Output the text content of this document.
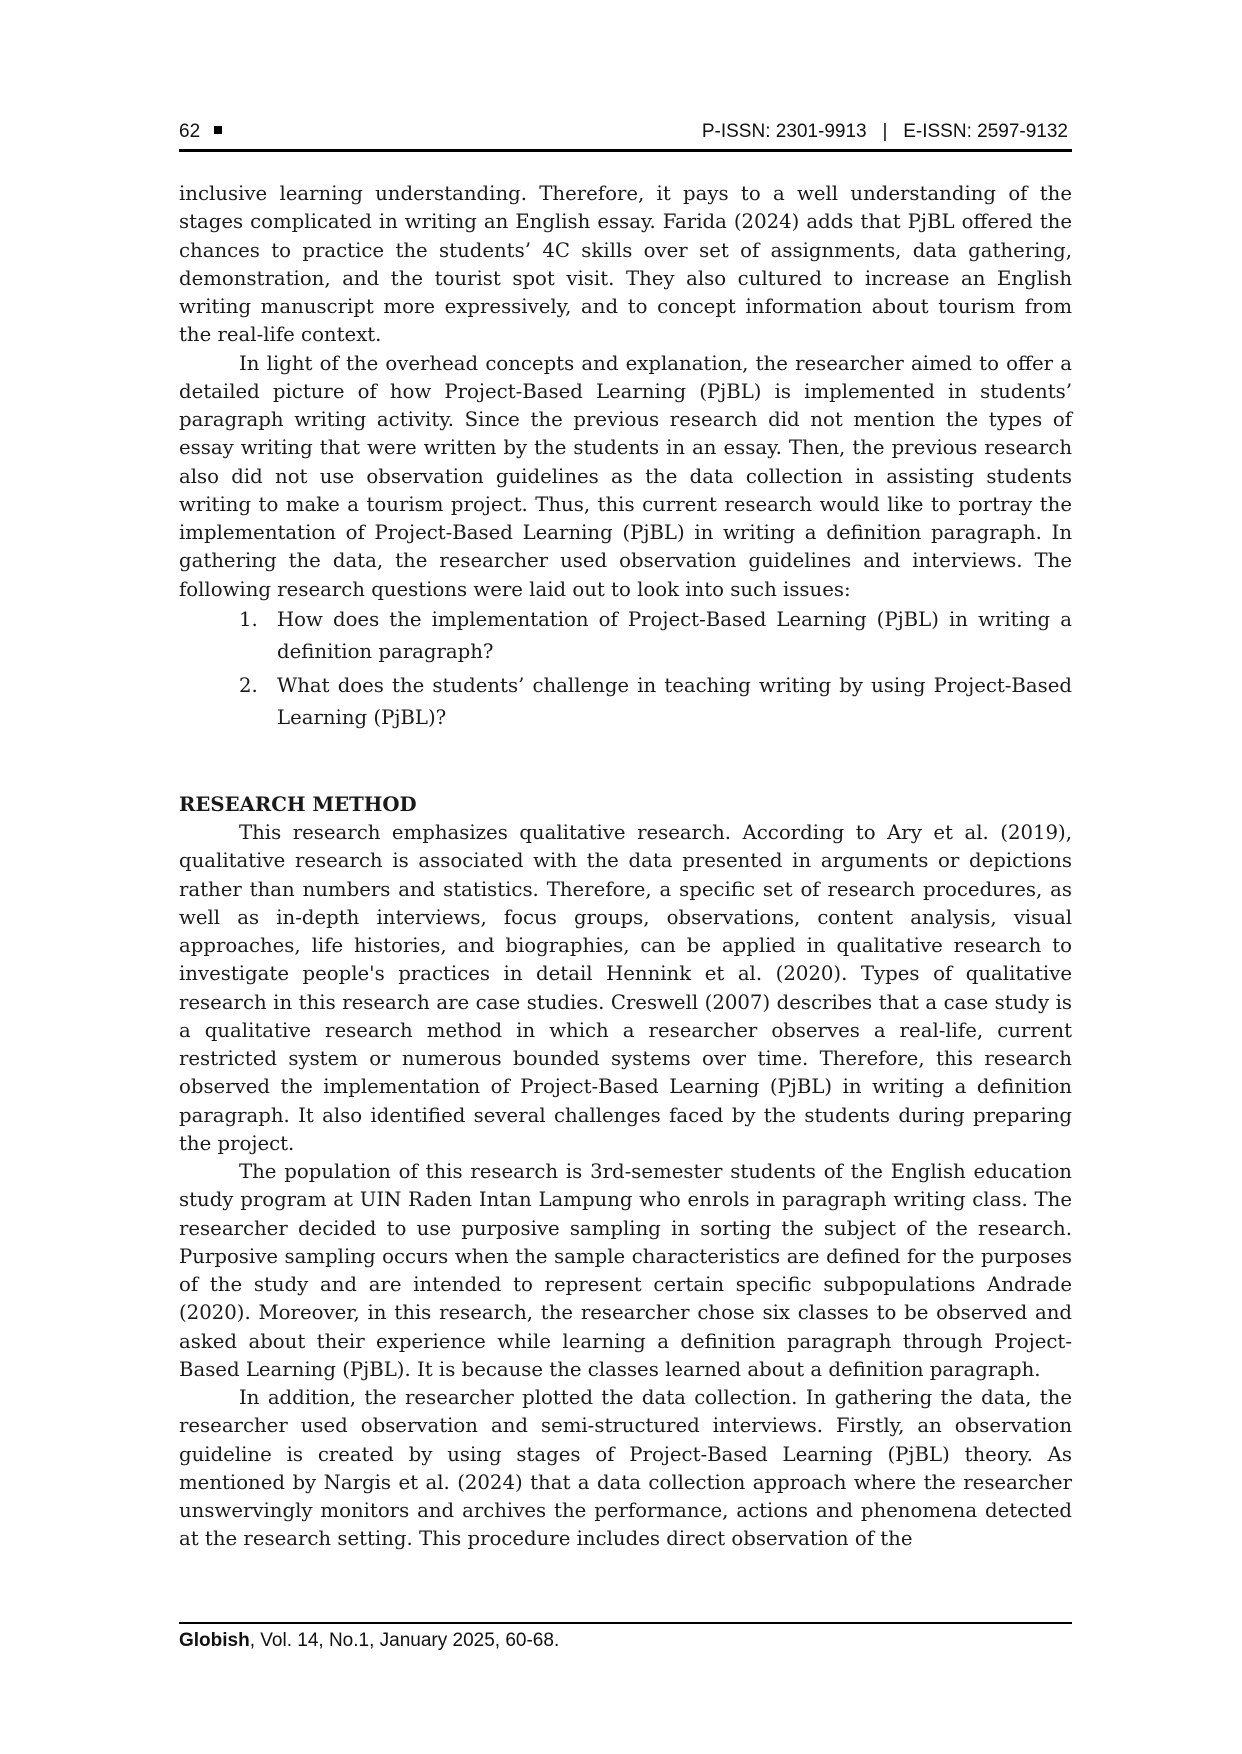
62	P-ISSN: 2301-9913   |   E-ISSN: 2597-9132

inclusive learning understanding. Therefore, it pays to a well understanding of the stages complicated in writing an English essay. Farida (2024) adds that PjBL offered the chances to practice the students’ 4C skills over set of assignments, data gathering, demonstration, and the tourist spot visit. They also cultured to increase an English writing manuscript more expressively, and to concept information about tourism from the real-life context.

In light of the overhead concepts and explanation, the researcher aimed to offer a detailed picture of how Project-Based Learning (PjBL) is implemented in students’ paragraph writing activity. Since the previous research did not mention the types of essay writing that were written by the students in an essay. Then, the previous research also did not use observation guidelines as the data collection in assisting students writing to make a tourism project. Thus, this current research would like to portray the implementation of Project-Based Learning (PjBL) in writing a definition paragraph. In gathering the data, the researcher used observation guidelines and interviews. The following research questions were laid out to look into such issues:

1. How does the implementation of Project-Based Learning (PjBL) in writing a definition paragraph?
2. What does the students’ challenge in teaching writing by using Project-Based Learning (PjBL)?
RESEARCH METHOD

This research emphasizes qualitative research. According to Ary et al. (2019), qualitative research is associated with the data presented in arguments or depictions rather than numbers and statistics. Therefore, a specific set of research procedures, as well as in-depth interviews, focus groups, observations, content analysis, visual approaches, life histories, and biographies, can be applied in qualitative research to investigate people's practices in detail Hennink et al. (2020). Types of qualitative research in this research are case studies. Creswell (2007) describes that a case study is a qualitative research method in which a researcher observes a real-life, current restricted system or numerous bounded systems over time. Therefore, this research observed the implementation of Project-Based Learning (PjBL) in writing a definition paragraph. It also identified several challenges faced by the students during preparing the project.

The population of this research is 3rd-semester students of the English education study program at UIN Raden Intan Lampung who enrols in paragraph writing class. The researcher decided to use purposive sampling in sorting the subject of the research. Purposive sampling occurs when the sample characteristics are defined for the purposes of the study and are intended to represent certain specific subpopulations Andrade (2020). Moreover, in this research, the researcher chose six classes to be observed and asked about their experience while learning a definition paragraph through Project-Based Learning (PjBL). It is because the classes learned about a definition paragraph.

In addition, the researcher plotted the data collection. In gathering the data, the researcher used observation and semi-structured interviews. Firstly, an observation guideline is created by using stages of Project-Based Learning (PjBL) theory. As mentioned by Nargis et al. (2024) that a data collection approach where the researcher unswervingly monitors and archives the performance, actions and phenomena detected at the research setting. This procedure includes direct observation of the

Globish, Vol. 14, No.1, January 2025, 60-68.
